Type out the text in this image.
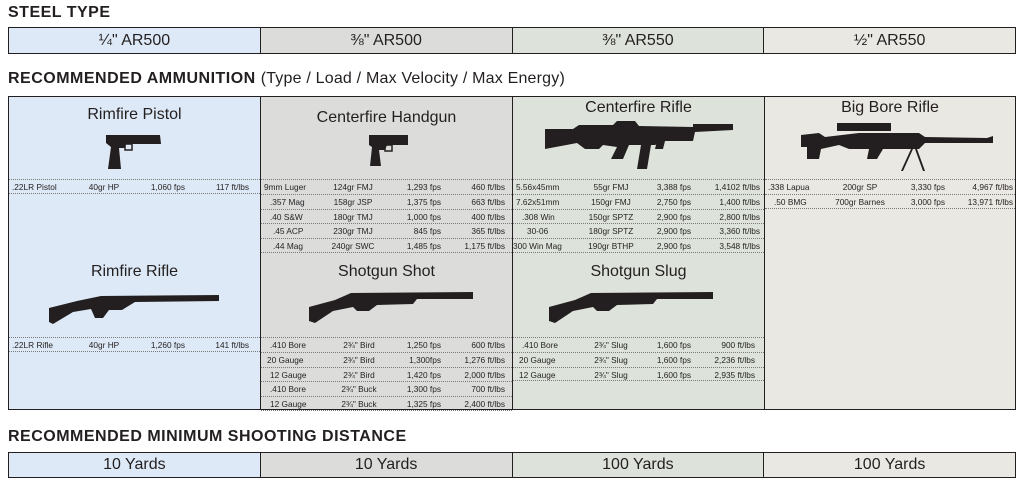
STEEL TYPE
¼" AR500	⅜" AR500	⅜" AR550	½" AR550
RECOMMENDED AMMUNITION (Type / Load / Max Velocity / Max Energy)
Rimfire Pistol
.22LR Pistol	40gr HP	1,060 fps	117 ft/lbs
Rimfire Rifle
.22LR Rifle	40gr HP	1,260 fps	141 ft/lbs
Centerfire Handgun
9mm Luger	124gr FMJ	1,293 fps	460 ft/lbs
.357 Mag	158gr JSP	1,375 fps	663 ft/lbs
.40 S&W	180gr TMJ	1,000 fps	400 ft/lbs
.45 ACP	230gr TMJ	845 fps	365 ft/lbs
.44 Mag	240gr SWC	1,485 fps	1,175 ft/lbs
Shotgun Shot
.410 Bore	2¾" Bird	1,250 fps	600 ft/lbs
20 Gauge	2¾" Bird	1,300fps	1,276 ft/lbs
12 Gauge	2¾" Bird	1,420 fps	2,000 ft/lbs
.410 Bore	2¾" Buck	1,300 fps	700 ft/lbs
12 Gauge	2¾" Buck	1,325 fps	2,400 ft/lbs
Centerfire Rifle
5.56x45mm	55gr FMJ	3,388 fps	1,4102 ft/lbs
7.62x51mm	150gr FMJ	2,750 fps	1,400 ft/lbs
.308 Win	150gr SPTZ	2,900 fps	2,800 ft/lbs
30-06	180gr SPTZ	2,900 fps	3,360 ft/lbs
300 Win Mag	190gr BTHP	2,900 fps	3,548 ft/lbs
Shotgun Slug
.410 Bore	2¾" Slug	1,600 fps	900 ft/lbs
20 Gauge	2¾" Slug	1,600 fps	2,236 ft/lbs
12 Gauge	2¾" Slug	1,600 fps	2,935 ft/lbs
Big Bore Rifle
.338 Lapua	200gr SP	3,330 fps	4,967 ft/lbs
.50 BMG	700gr Barnes	3,000 fps	13,971 ft/lbs
RECOMMENDED MINIMUM SHOOTING DISTANCE
10 Yards	10 Yards	100 Yards	100 Yards
